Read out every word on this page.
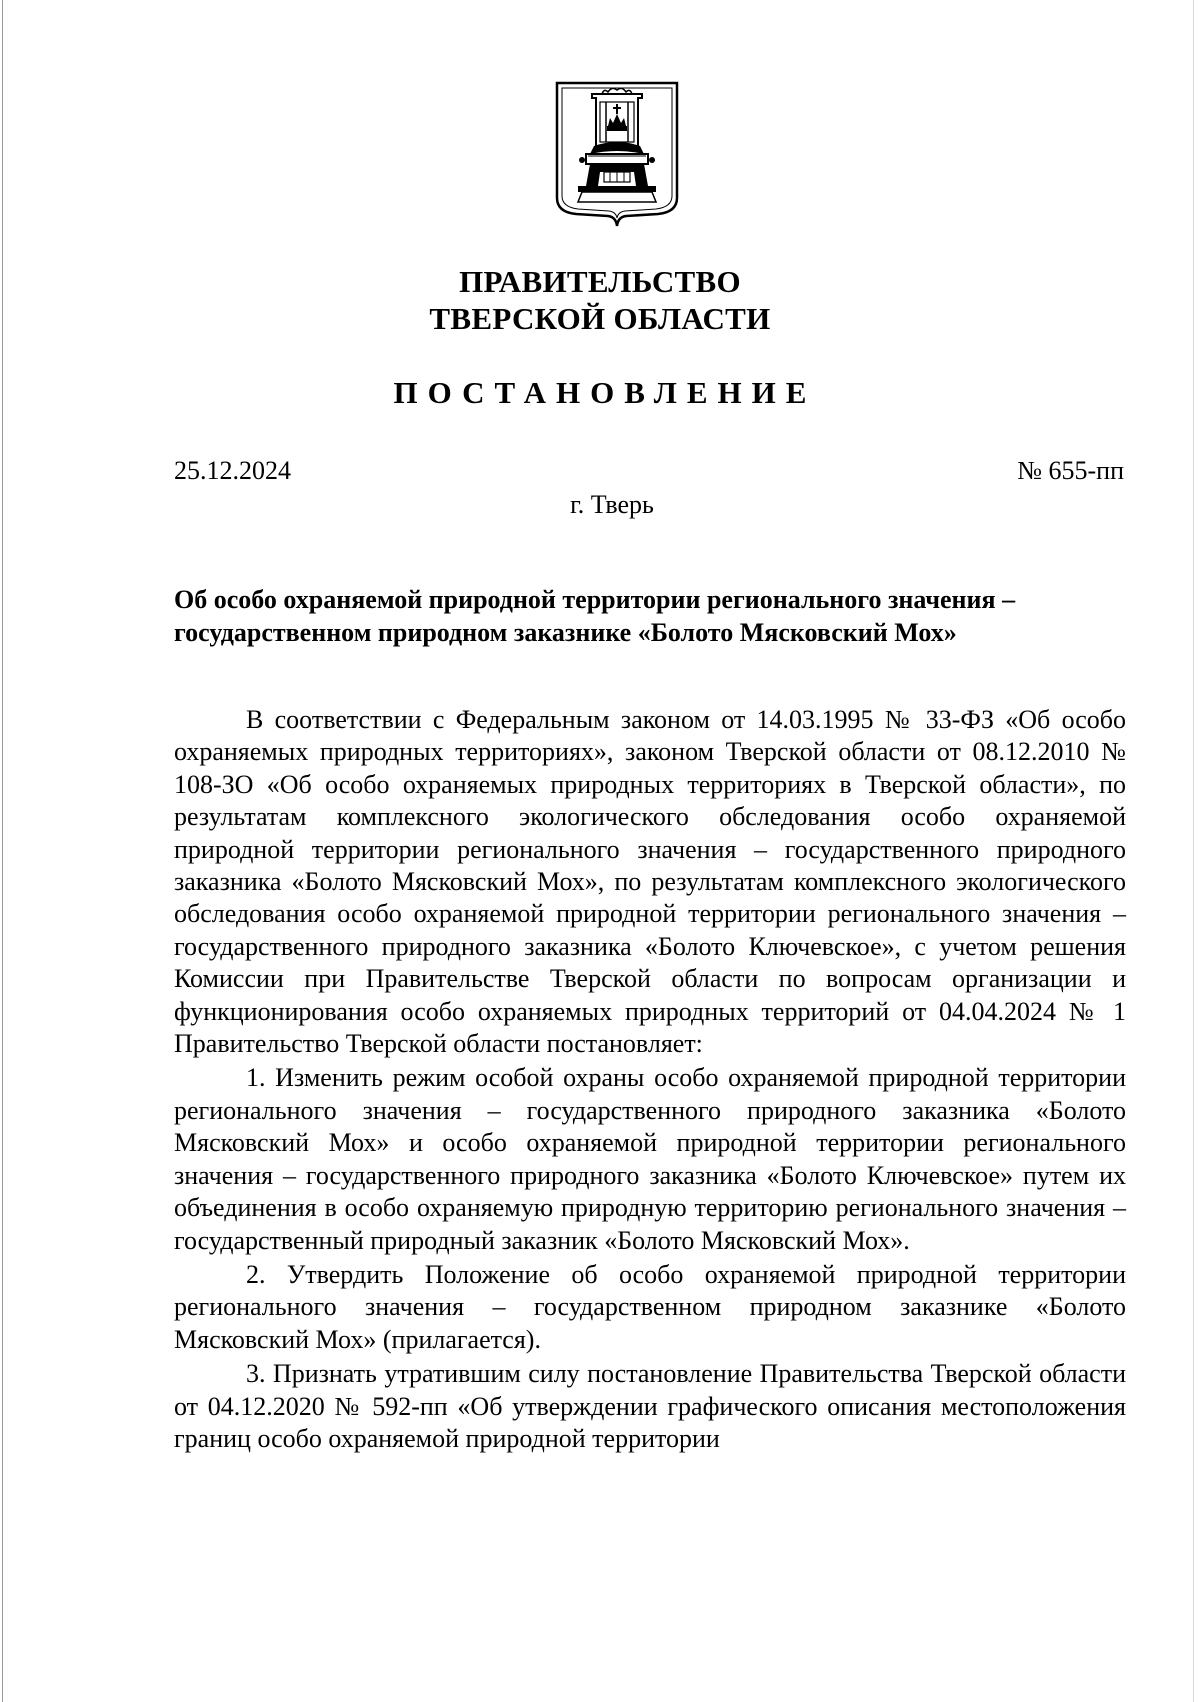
ПРАВИТЕЛЬСТВО
ТВЕРСКОЙ ОБЛАСТИ
ПОСТАНОВЛЕНИЕ
25.12.2024	№ 655-пп
г. Тверь
Об особо охраняемой природной территории регионального значения –
государственном природном заказнике «Болото Мясковский Мох»

В соответствии с Федеральным законом от 14.03.1995 № 33-ФЗ «Об особо охраняемых природных территориях», законом Тверской области от 08.12.2010 № 108-ЗО «Об особо охраняемых природных территориях в Тверской области», по результатам комплексного экологического обследования особо охраняемой природной территории регионального значения – государственного природного заказника «Болото Мясковский Мох», по результатам комплексного экологического обследования особо охраняемой природной территории регионального значения – государственного природного заказника «Болото Ключевское», с учетом решения Комиссии при Правительстве Тверской области по вопросам организации и функционирования особо охраняемых природных территорий от 04.04.2024 № 1 Правительство Тверской области постановляет:

1. Изменить режим особой охраны особо охраняемой природной территории регионального значения – государственного природного заказника «Болото Мясковский Мох» и особо охраняемой природной территории регионального значения – государственного природного заказника «Болото Ключевское» путем их объединения в особо охраняемую природную территорию регионального значения – государственный природный заказник «Болото Мясковский Мох».

2. Утвердить Положение об особо охраняемой природной территории регионального значения – государственном природном заказнике «Болото Мясковский Мох» (прилагается).

3. Признать утратившим силу постановление Правительства Тверской области от 04.12.2020 № 592-пп «Об утверждении графического описания местоположения границ особо охраняемой природной территории
